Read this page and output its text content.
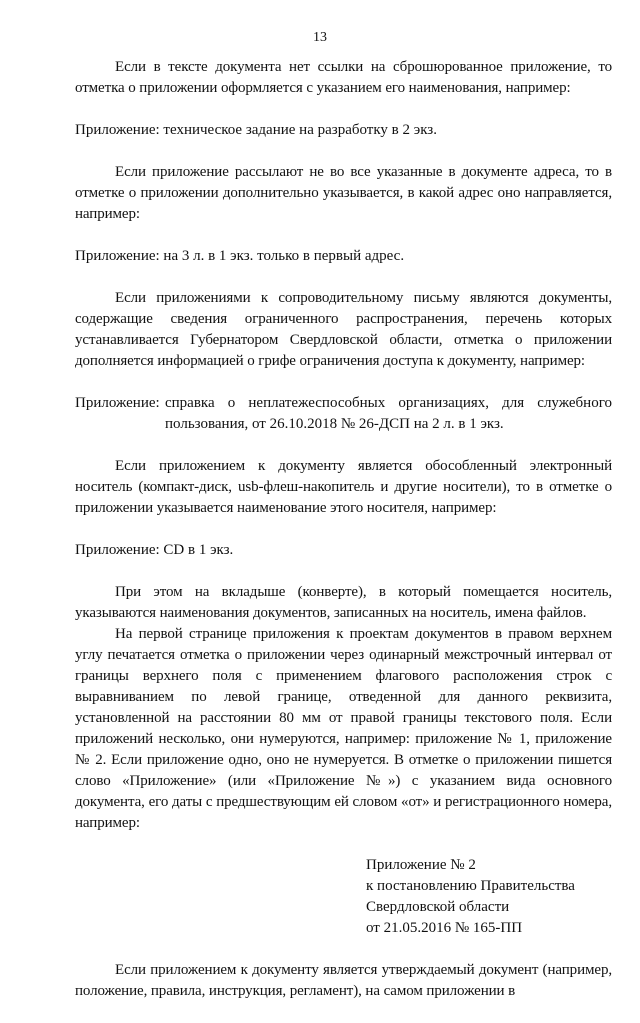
13

Если в тексте документа нет ссылки на сброшюрованное приложение, то отметка о приложении оформляется с указанием его наименования, например:

Приложение: техническое задание на разработку в 2 экз.

Если приложение рассылают не во все указанные в документе адреса, то в отметке о приложении дополнительно указывается, в какой адрес оно направляется, например:

Приложение: на 3 л. в 1 экз. только в первый адрес.

Если приложениями к сопроводительному письму являются документы, содержащие сведения ограниченного распространения, перечень которых устанавливается Губернатором Свердловской области, отметка о приложении дополняется информацией о грифе ограничения доступа к документу, например:

Приложение: справка о неплатежеспособных организациях, для служебного пользования, от 26.10.2018 № 26-ДСП на 2 л. в 1 экз.

Если приложением к документу является обособленный электронный носитель (компакт-диск, usb-флеш-накопитель и другие носители), то в отметке о приложении указывается наименование этого носителя, например:

Приложение: CD в 1 экз.

При этом на вкладыше (конверте), в который помещается носитель, указываются наименования документов, записанных на носитель, имена файлов.

На первой странице приложения к проектам документов в правом верхнем углу печатается отметка о приложении через одинарный межстрочный интервал от границы верхнего поля с применением флагового расположения строк с выравниванием по левой границе, отведенной для данного реквизита, установленной на расстоянии 80 мм от правой границы текстового поля. Если приложений несколько, они нумеруются, например: приложение № 1, приложение № 2. Если приложение одно, оно не нумеруется. В отметке о приложении пишется слово «Приложение» (или «Приложение №») с указанием вида основного документа, его даты с предшествующим ей словом «от» и регистрационного номера, например:

Приложение № 2
к постановлению Правительства
Свердловской области
от 21.05.2016 № 165-ПП

Если приложением к документу является утверждаемый документ (например, положение, правила, инструкция, регламент), на самом приложении в
